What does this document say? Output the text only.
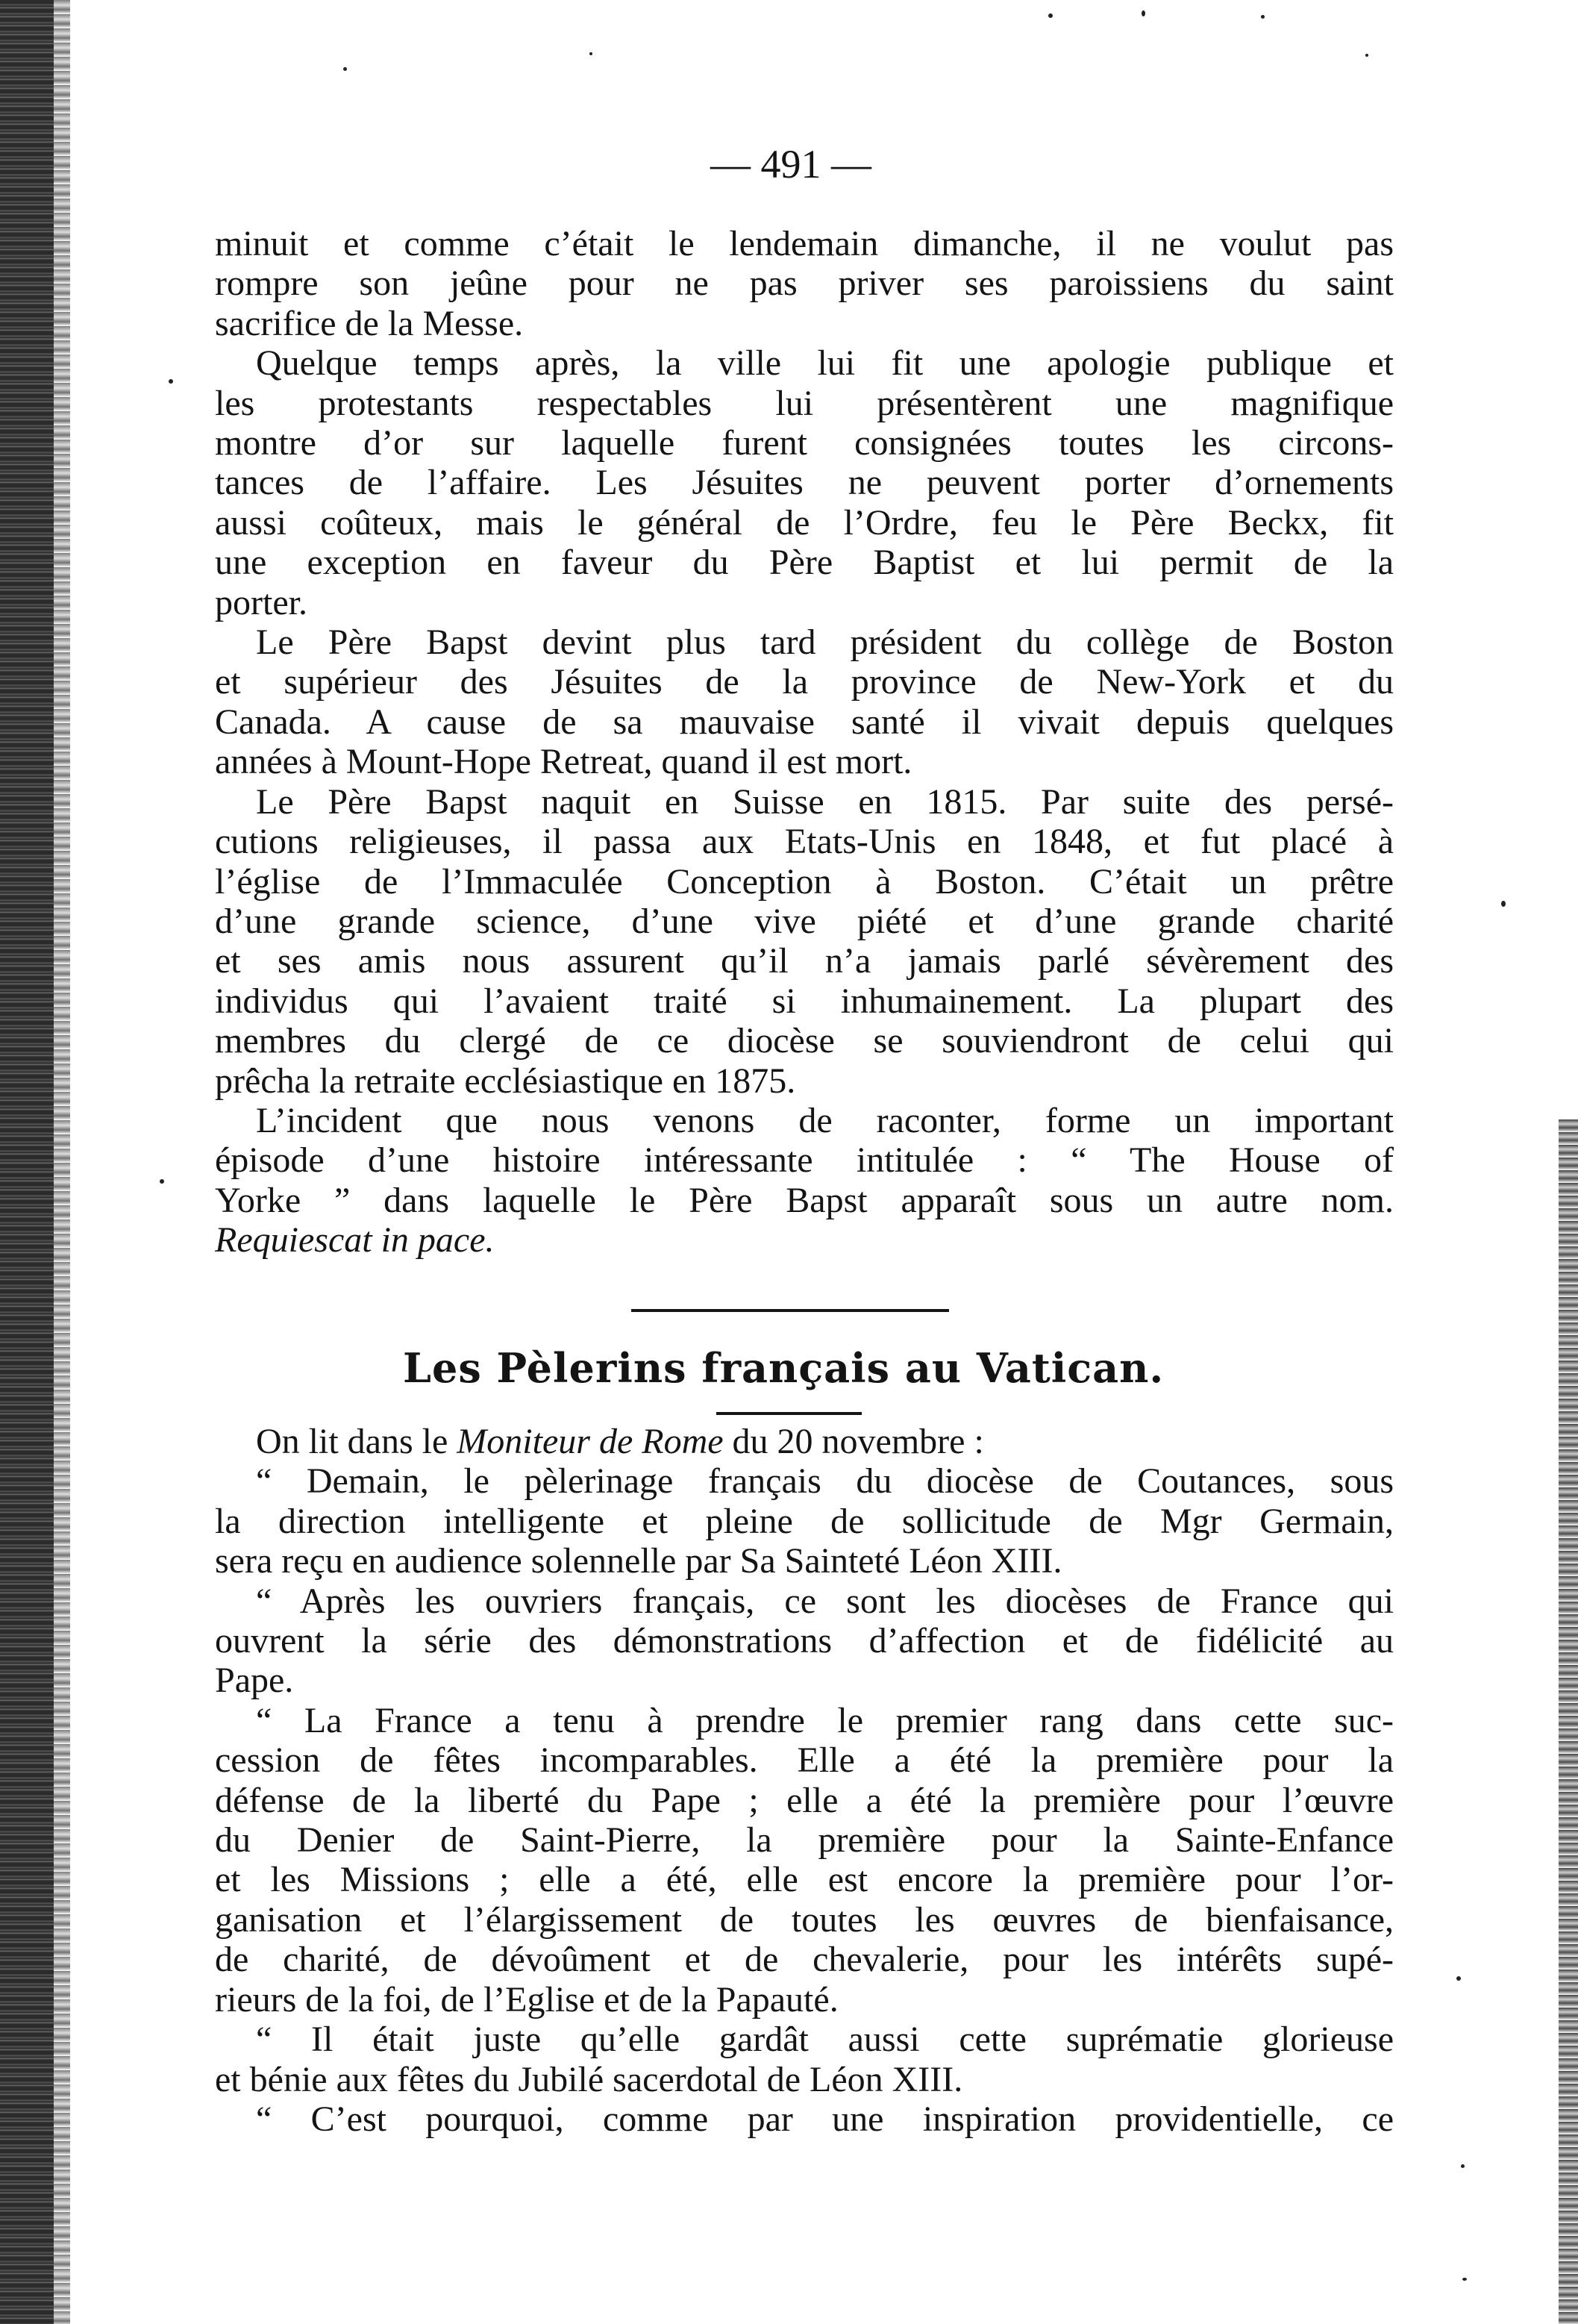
— 491 —

minuit et comme c’était le lendemain dimanche, il ne voulut pas

rompre son jeûne pour ne pas priver ses paroissiens du saint

sacrifice de la Messe.

Quelque temps après, la ville lui fit une apologie publique et

les protestants respectables lui présentèrent une magnifique

montre d’or sur laquelle furent consignées toutes les circons-

tances de l’affaire. Les Jésuites ne peuvent porter d’ornements

aussi coûteux, mais le général de l’Ordre, feu le Père Beckx, fit

une exception en faveur du Père Baptist et lui permit de la

porter.

Le Père Bapst devint plus tard président du collège de Boston

et supérieur des Jésuites de la province de New-York et du

Canada. A cause de sa mauvaise santé il vivait depuis quelques

années à Mount-Hope Retreat, quand il est mort.

Le Père Bapst naquit en Suisse en 1815. Par suite des persé-

cutions religieuses, il passa aux Etats-Unis en 1848, et fut placé à

l’église de l’Immaculée Conception à Boston. C’était un prêtre

d’une grande science, d’une vive piété et d’une grande charité

et ses amis nous assurent qu’il n’a jamais parlé sévèrement des

individus qui l’avaient traité si inhumainement. La plupart des

membres du clergé de ce diocèse se souviendront de celui qui

prêcha la retraite ecclésiastique en 1875.

L’incident que nous venons de raconter, forme un important

épisode d’une histoire intéressante intitulée : “ The House of

Yorke ” dans laquelle le Père Bapst apparaît sous un autre nom.

Requiescat in pace.

Les Pèlerins français au Vatican.

On lit dans le Moniteur de Rome du 20 novembre :

“ Demain, le pèlerinage français du diocèse de Coutances, sous

la direction intelligente et pleine de sollicitude de Mgr Germain,

sera reçu en audience solennelle par Sa Sainteté Léon XIII.

“ Après les ouvriers français, ce sont les diocèses de France qui

ouvrent la série des démonstrations d’affection et de fidélicité au

Pape.

“ La France a tenu à prendre le premier rang dans cette suc-

cession de fêtes incomparables. Elle a été la première pour la

défense de la liberté du Pape ; elle a été la première pour l’œuvre

du Denier de Saint-Pierre, la première pour la Sainte-Enfance

et les Missions ; elle a été, elle est encore la première pour l’or-

ganisation et l’élargissement de toutes les œuvres de bienfaisance,

de charité, de dévoûment et de chevalerie, pour les intérêts supé-

rieurs de la foi, de l’Eglise et de la Papauté.

“ Il était juste qu’elle gardât aussi cette suprématie glorieuse

et bénie aux fêtes du Jubilé sacerdotal de Léon XIII.

“ C’est pourquoi, comme par une inspiration providentielle, ce
